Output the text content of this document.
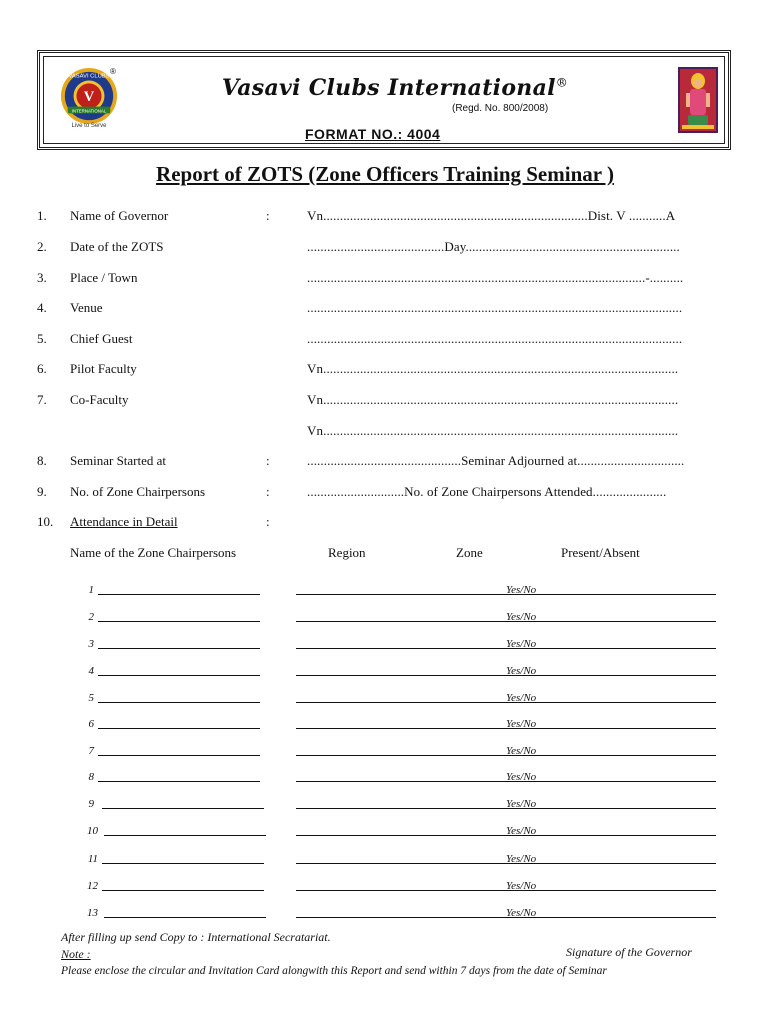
VASAVI CLUBS
V
INTERNATIONAL
®
Live to Serve
Vasavi Clubs International®
(Regd. No. 800/2008)
FORMAT NO.: 4004
Report of ZOTS (Zone Officers Training Seminar )
1. Name of Governor	:	Vn...............................................................................Dist. V ...........A
2. Date of the ZOTS	.........................................Day................................................................
3. Place / Town	.....................................................................................................-..........
4. Venue	................................................................................................................
5. Chief Guest	................................................................................................................
6. Pilot Faculty	Vn..........................................................................................................
7. Co-Faculty	Vn..........................................................................................................
Vn..........................................................................................................
8. Seminar Started at	:	..............................................Seminar Adjourned at................................
9. No. of Zone Chairpersons	:	.............................No. of Zone Chairpersons Attended......................
10. Attendance in Detail	:
Name of the Zone Chairpersons	Region	Zone	Present/Absent
1	Yes/No
2	Yes/No
3	Yes/No
4	Yes/No
5	Yes/No
6	Yes/No
7	Yes/No
8	Yes/No
9	Yes/No
10	Yes/No
11	Yes/No
12	Yes/No
13	Yes/No
After filling up send Copy to : International Secratariat.
Note :	Signature of the Governor
Please enclose the circular and Invitation Card alongwith this Report and send within 7 days from the date of Seminar
